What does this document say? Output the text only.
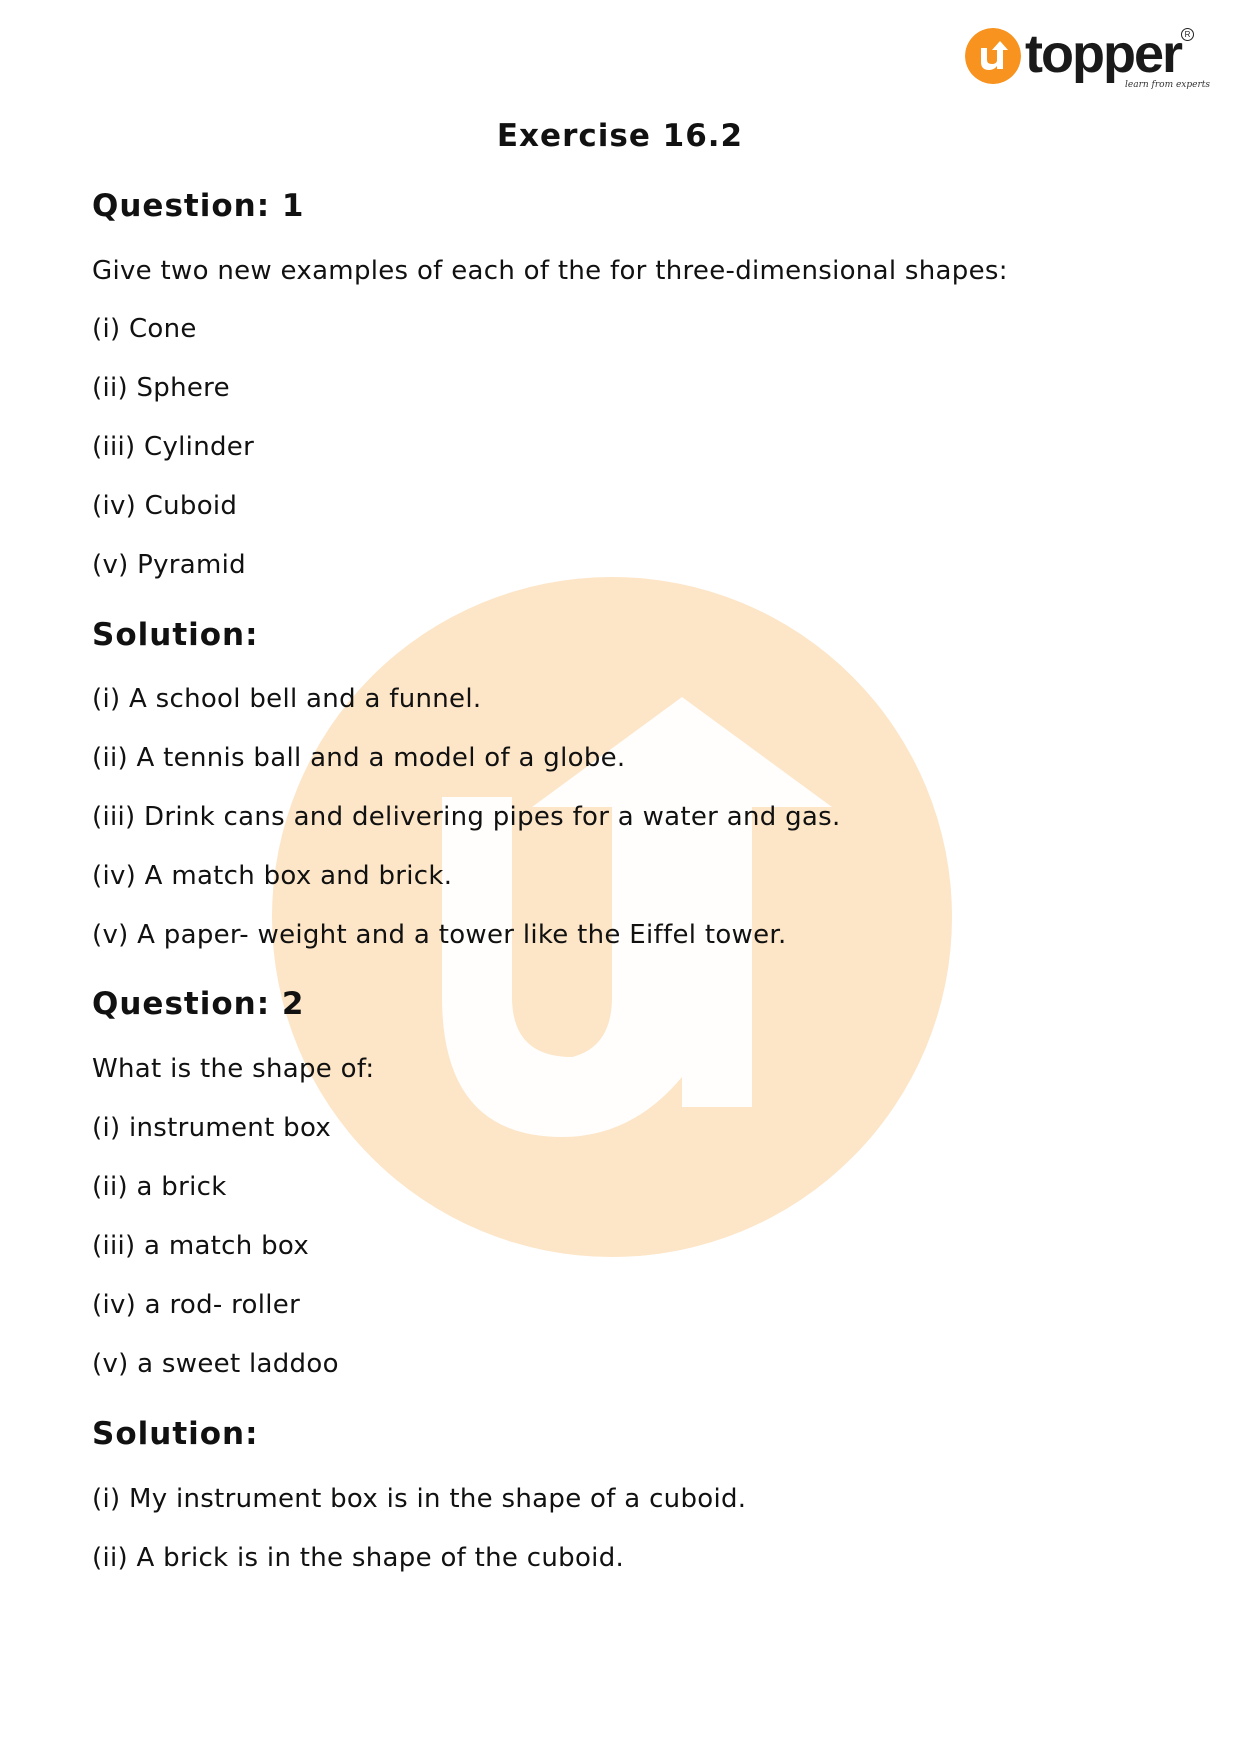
topper R
learn from experts
Exercise 16.2
Question: 1
Give two new examples of each of the for three-dimensional shapes:
(i) Cone
(ii) Sphere
(iii) Cylinder
(iv) Cuboid
(v) Pyramid
Solution:
(i) A school bell and a funnel.
(ii) A tennis ball and a model of a globe.
(iii) Drink cans and delivering pipes for a water and gas.
(iv) A match box and brick.
(v) A paper- weight and a tower like the Eiffel tower.
Question: 2
What is the shape of:
(i) instrument box
(ii) a brick
(iii) a match box
(iv) a rod- roller
(v) a sweet laddoo
Solution:
(i) My instrument box is in the shape of a cuboid.
(ii) A brick is in the shape of the cuboid.
